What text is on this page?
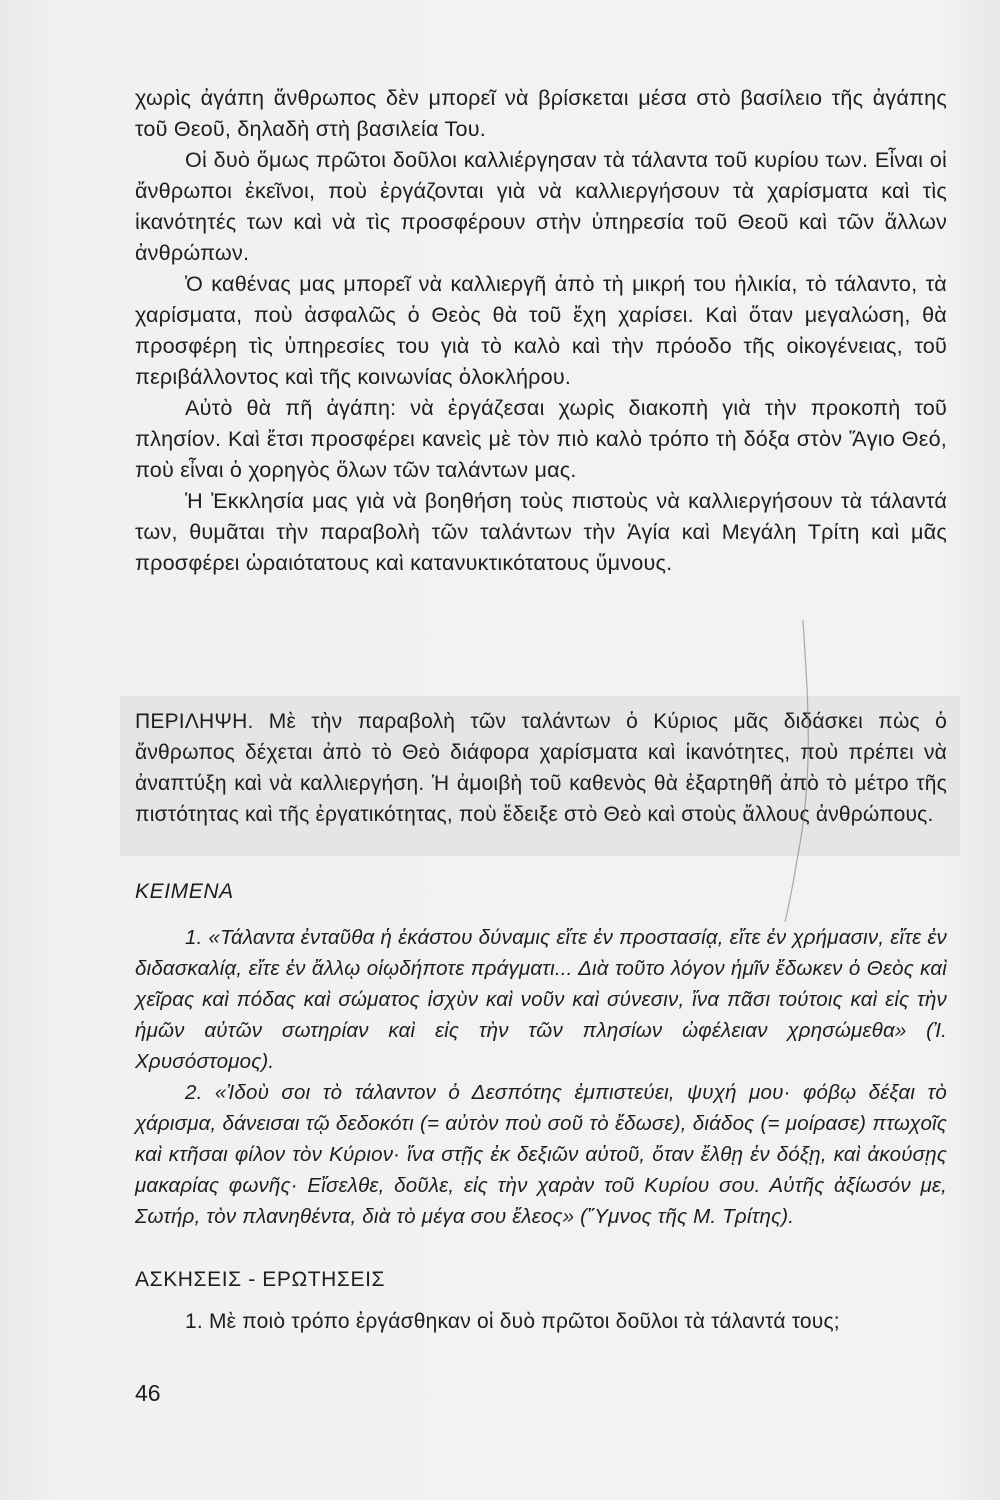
χωρὶς ἀγάπη ἄνθρωπος δὲν μπορεῖ νὰ βρίσκεται μέσα στὸ βασίλειο τῆς ἀγάπης τοῦ Θεοῦ, δηλαδὴ στὴ βασιλεία Του.

Οἱ δυὸ ὅμως πρῶτοι δοῦλοι καλλιέργησαν τὰ τάλαντα τοῦ κυρίου των. Εἶναι οἱ ἄνθρωποι ἐκεῖνοι, ποὺ ἐργάζονται γιὰ νὰ καλλιεργήσουν τὰ χαρίσματα καὶ τὶς ἱκανότητές των καὶ νὰ τὶς προσφέρουν στὴν ὑπηρεσία τοῦ Θεοῦ καὶ τῶν ἄλλων ἀνθρώπων.

Ὁ καθένας μας μπορεῖ νὰ καλλιεργῆ ἀπὸ τὴ μικρή του ἡλικία, τὸ τάλαντο, τὰ χαρίσματα, ποὺ ἀσφαλῶς ὁ Θεὸς θὰ τοῦ ἔχη χαρίσει. Καὶ ὅταν μεγαλώση, θὰ προσφέρη τὶς ὑπηρεσίες του γιὰ τὸ καλὸ καὶ τὴν πρόοδο τῆς οἰκογένειας, τοῦ περιβάλλοντος καὶ τῆς κοινωνίας ὁλοκλήρου.

Αὐτὸ θὰ πῆ ἀγάπη: νὰ ἐργάζεσαι χωρὶς διακοπὴ γιὰ τὴν προκοπὴ τοῦ πλησίον. Καὶ ἔτσι προσφέρει κανεὶς μὲ τὸν πιὸ καλὸ τρόπο τὴ δόξα στὸν Ἅγιο Θεό, ποὺ εἶναι ὁ χορηγὸς ὅλων τῶν ταλάντων μας.

Ἡ Ἐκκλησία μας γιὰ νὰ βοηθήση τοὺς πιστοὺς νὰ καλλιεργήσουν τὰ τάλαντά των, θυμᾶται τὴν παραβολὴ τῶν ταλάντων τὴν Ἁγία καὶ Μεγάλη Τρίτη καὶ μᾶς προσφέρει ὡραιότατους καὶ κατανυκτικότατους ὕμνους.

ΠΕΡΙΛΗΨΗ. Μὲ τὴν παραβολὴ τῶν ταλάντων ὁ Κύριος μᾶς διδάσκει πὼς ὁ ἄνθρωπος δέχεται ἀπὸ τὸ Θεὸ διάφορα χαρίσματα καὶ ἱκανότητες, ποὺ πρέπει νὰ ἀναπτύξη καὶ νὰ καλλιεργήση. Ἡ ἀμοιβὴ τοῦ καθενὸς θὰ ἐξαρτηθῆ ἀπὸ τὸ μέτρο τῆς πιστότητας καὶ τῆς ἐργατικότητας, ποὺ ἔδειξε στὸ Θεὸ καὶ στοὺς ἄλλους ἀνθρώπους.

ΚΕΙΜΕΝΑ

1. «Τάλαντα ἐνταῦθα ἡ ἑκάστου δύναμις εἴτε ἐν προστασίᾳ, εἴτε ἐν χρήμασιν, εἴτε ἐν διδασκαλίᾳ, εἴτε ἐν ἄλλῳ οἱῳδήποτε πράγματι... Διὰ τοῦτο λόγον ἡμῖν ἔδωκεν ὁ Θεὸς καὶ χεῖρας καὶ πόδας καὶ σώματος ἰσχὺν καὶ νοῦν καὶ σύνεσιν, ἵνα πᾶσι τούτοις καὶ εἰς τὴν ἡμῶν αὐτῶν σωτηρίαν καὶ εἰς τὴν τῶν πλησίων ὠφέλειαν χρησώμεθα» (Ἰ. Χρυσόστομος).

2. «Ἰδοὺ σοι τὸ τάλαντον ὁ Δεσπότης ἐμπιστεύει, ψυχή μου· φόβῳ δέξαι τὸ χάρισμα, δάνεισαι τῷ δεδοκότι (= αὐτὸν ποὺ σοῦ τὸ ἔδωσε), διάδος (= μοίρασε) πτωχοῖς καὶ κτῆσαι φίλον τὸν Κύριον· ἵνα στῇς ἐκ δεξιῶν αὐτοῦ, ὅταν ἔλθῃ ἐν δόξῃ, καὶ ἀκούσῃς μακαρίας φωνῆς· Εἴσελθε, δοῦλε, εἰς τὴν χαρὰν τοῦ Κυρίου σου. Αὐτῆς ἀξίωσόν με, Σωτήρ, τὸν πλανηθέντα, διὰ τὸ μέγα σου ἔλεος» (Ὕμνος τῆς Μ. Τρίτης).

ΑΣΚΗΣΕΙΣ - ΕΡΩΤΗΣΕΙΣ

1. Μὲ ποιὸ τρόπο ἐργάσθηκαν οἱ δυὸ πρῶτοι δοῦλοι τὰ τάλαντά τους;

46
